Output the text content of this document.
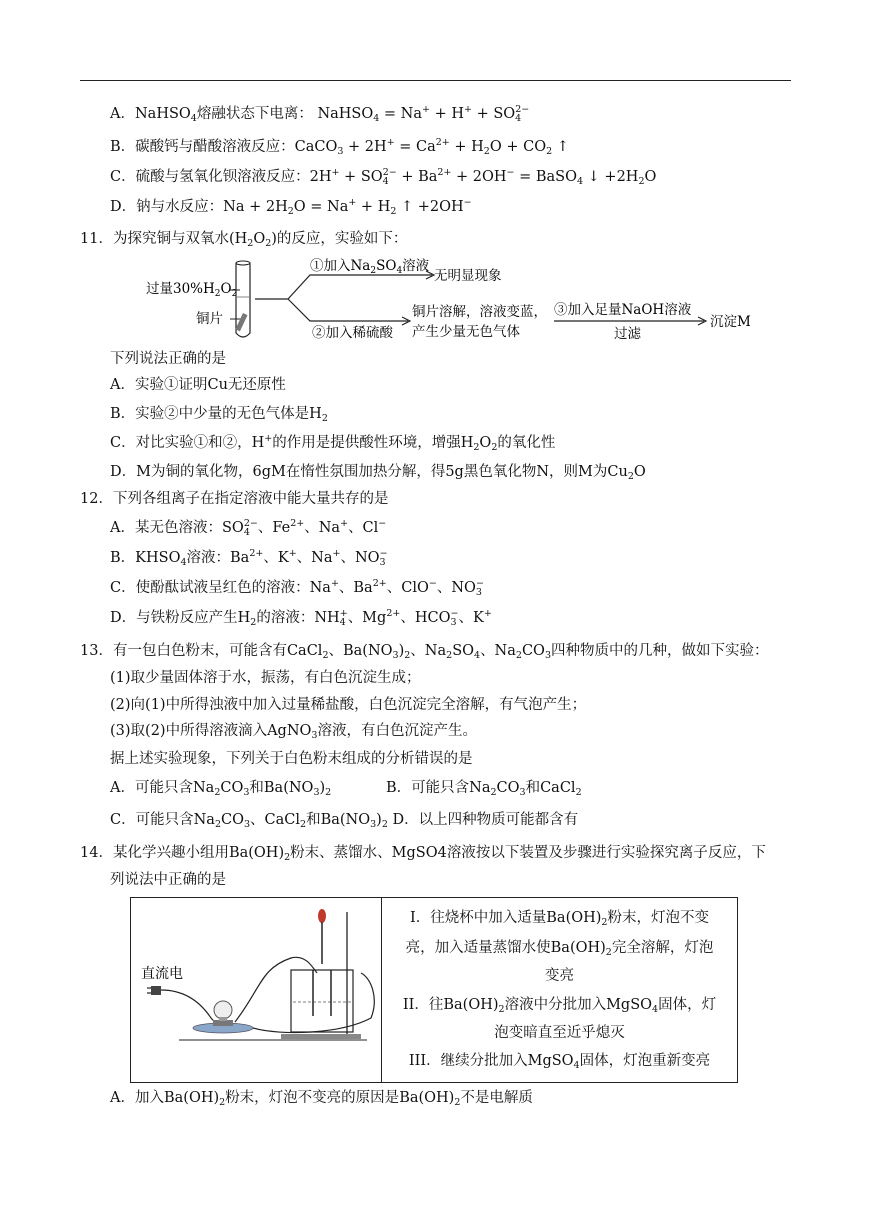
A．NaHSO$_4$熔融状态下电离： NaHSO$_4$ = $Na^+ + H^+ + SO_4^{2-}$
B．碳酸钙与醋酸溶液反应：CaCO$_3$ + $2H^+ = Ca^{2+} + H_2O + CO_2$ ↑
C．硫酸与氢氧化钡溶液反应：$2H^+ + SO_4^{2-} + Ba^{2+} + 2OH^-$ = BaSO$_4$ ↓ $+2H_2O$
D．钠与水反应：$Na + 2H_2O = Na^+ + H_2$ ↑ +2OH−
11．为探究铜与双氧水$(H_2O_2)$的反应，实验如下：
过量$30\%H_2O_2$
铜片
①加入$Na_2SO_4$溶液
无明显现象
②加入稀硫酸
铜片溶解，溶液变蓝，
产生少量无色气体
③加入足量NaOH溶液
过滤
沉淀M
下列说法正确的是
A．实验①证明Cu无还原性
B．实验②中少量的无色气体是$H_2$
C．对比实验①和②，H+的作用是提供酸性环境，增强$H_2O_2$的氧化性
D．M为铜的氧化物，6gM在惰性氛围加热分解，得5g黑色氧化物N，则M为$Cu_2O$
12．下列各组离子在指定溶液中能大量共存的是
A．某无色溶液：$SO_4^{2-}$、$Fe^{2+}$、Na+、Cl−
B．$KHSO_4$溶液：$Ba^{2+}$、K+、Na+、$NO_3^-$
C．使酚酞试液呈红色的溶液：Na+、$Ba^{2+}$、ClO−、$NO_3^-$
D．与铁粉反应产生$H_2$的溶液：$NH_4^+$、$Mg^{2+}$、$HCO_3^-$、K+
13．有一包白色粉末，可能含有CaCl$_2$、$Ba(NO_3)_2$、$Na_2SO_4$、$Na_2CO_3$四种物质中的几种，做如下实验：
(1)取少量固体溶于水，振荡，有白色沉淀生成；
(2)向(1)中所得浊液中加入过量稀盐酸，白色沉淀完全溶解，有气泡产生；
(3)取(2)中所得溶液滴入AgNO$_3$溶液，有白色沉淀产生。
据上述实验现象，下列关于白色粉末组成的分析错误的是
A．可能只含$Na_2CO_3$和$Ba(NO_3)_2$	B．可能只含$Na_2CO_3$和CaCl$_2$
C．可能只含$Na_2CO_3$、CaCl$_2$和$Ba(NO_3)_2$ D．以上四种物质可能都含有
14．某化学兴趣小组用$Ba(OH)_2$粉末、蒸馏水、MgSO4溶液按以下装置及步骤进行实验探究离子反应，下
列说法中正确的是
直流电
I．往烧杯中加入适量$Ba(OH)_2$粉末，灯泡不变
亮，加入适量蒸馏水使$Ba(OH)_2$完全溶解，灯泡
变亮
II．往$Ba(OH)_2$溶液中分批加入MgSO$_4$固体，灯
泡变暗直至近乎熄灭
III．继续分批加入MgSO$_4$固体，灯泡重新变亮
A．加入$Ba(OH)_2$粉末，灯泡不变亮的原因是$Ba(OH)_2$不是电解质
